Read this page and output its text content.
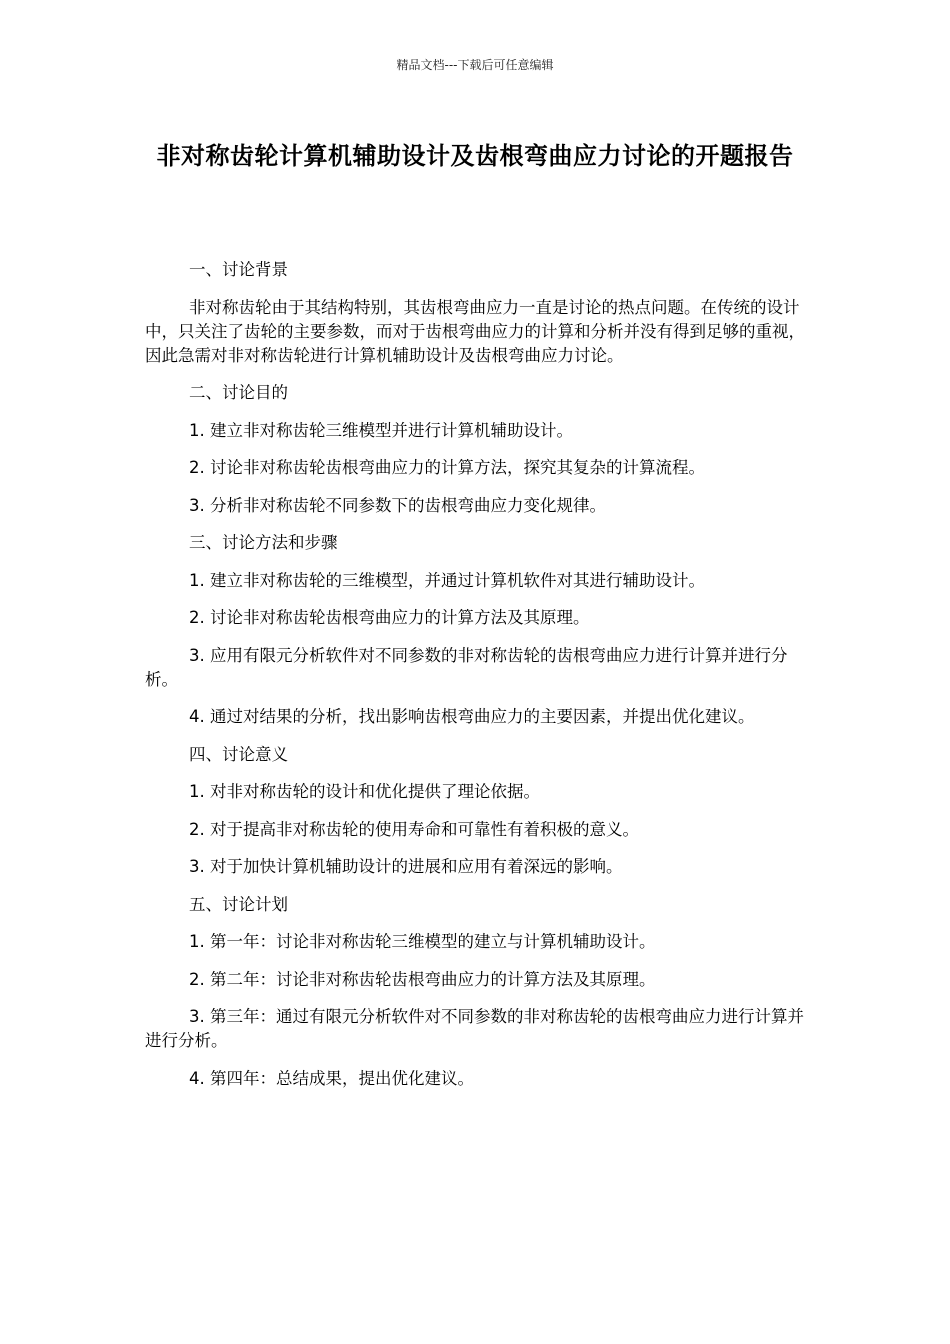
精品文档---下载后可任意编辑
非对称齿轮计算机辅助设计及齿根弯曲应力讨论的开题报告

一、讨论背景

非对称齿轮由于其结构特别，其齿根弯曲应力一直是讨论的热点问题。在传统的设计中，只关注了齿轮的主要参数，而对于齿根弯曲应力的计算和分析并没有得到足够的重视，因此急需对非对称齿轮进行计算机辅助设计及齿根弯曲应力讨论。

二、讨论目的

1. 建立非对称齿轮三维模型并进行计算机辅助设计。

2. 讨论非对称齿轮齿根弯曲应力的计算方法，探究其复杂的计算流程。

3. 分析非对称齿轮不同参数下的齿根弯曲应力变化规律。

三、讨论方法和步骤

1. 建立非对称齿轮的三维模型，并通过计算机软件对其进行辅助设计。

2. 讨论非对称齿轮齿根弯曲应力的计算方法及其原理。

3. 应用有限元分析软件对不同参数的非对称齿轮的齿根弯曲应力进行计算并进行分析。

4. 通过对结果的分析，找出影响齿根弯曲应力的主要因素，并提出优化建议。

四、讨论意义

1. 对非对称齿轮的设计和优化提供了理论依据。

2. 对于提高非对称齿轮的使用寿命和可靠性有着积极的意义。

3. 对于加快计算机辅助设计的进展和应用有着深远的影响。

五、讨论计划

1. 第一年：讨论非对称齿轮三维模型的建立与计算机辅助设计。

2. 第二年：讨论非对称齿轮齿根弯曲应力的计算方法及其原理。

3. 第三年：通过有限元分析软件对不同参数的非对称齿轮的齿根弯曲应力进行计算并进行分析。

4. 第四年：总结成果，提出优化建议。
